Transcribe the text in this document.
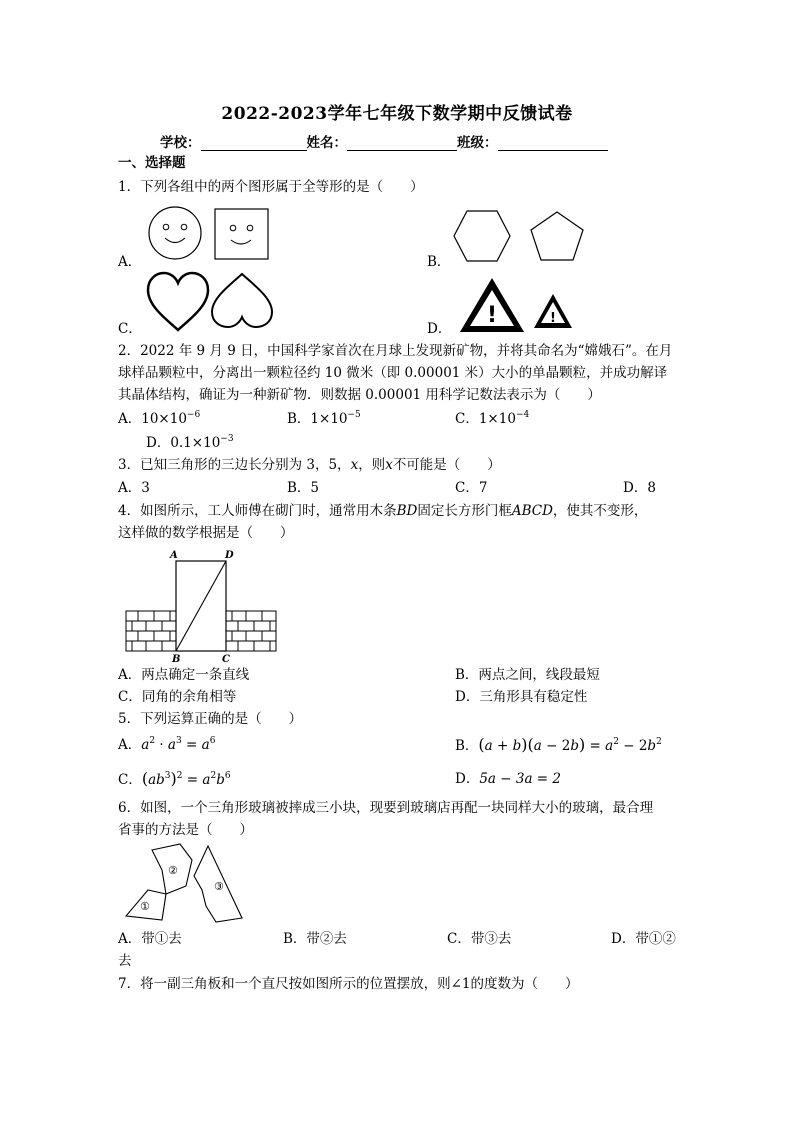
2022-2023学年七年级下数学期中反馈试卷
学校：	姓名：	班级：
一、选择题
1．下列各组中的两个图形属于全等形的是（　　）
A．	B．
C．
!	!
D．
2．2022 年 9 月 9 日，中国科学家首次在月球上发现新矿物，并将其命名为“嫦娥石”。在月
球样品颗粒中，分离出一颗粒径约 10 微米（即 0.00001 米）大小的单晶颗粒，并成功解译
其晶体结构，确证为一种新矿物．则数据 0.00001 用科学记数法表示为（　　）
A．$10\times 10^{-6}$	B．$1\times 10^{-5}$	C．$1\times 10^{-4}$
D．$0.1\times 10^{-3}$
3．已知三角形的三边长分别为 3，5，x，则x不可能是（　　）
A．3	B．5	C．7	D．8
4．如图所示，工人师傅在砌门时，通常用木条BD固定长方形门框ABCD，使其不变形，
这样做的数学根据是（　　）
A	D
B	C
A．两点确定一条直线	B．两点之间，线段最短
C．同角的余角相等	D．三角形具有稳定性
5．下列运算正确的是（　　）
A．$a^2 \cdot a^3 = a^6$	B．$(a + b)(a - 2b) = a^2 - 2b^2$
C．$(ab^3)^2 = a^2b^6$	D．5a − 3a = 2
6．如图，一个三角形玻璃被摔成三小块，现要到玻璃店再配一块同样大小的玻璃，最合理
省事的方法是（　　）
①
②
③
A．带①去	B．带②去	C．带③去	D．带①②
去
7．将一副三角板和一个直尺按如图所示的位置摆放，则∠1的度数为（　　）
